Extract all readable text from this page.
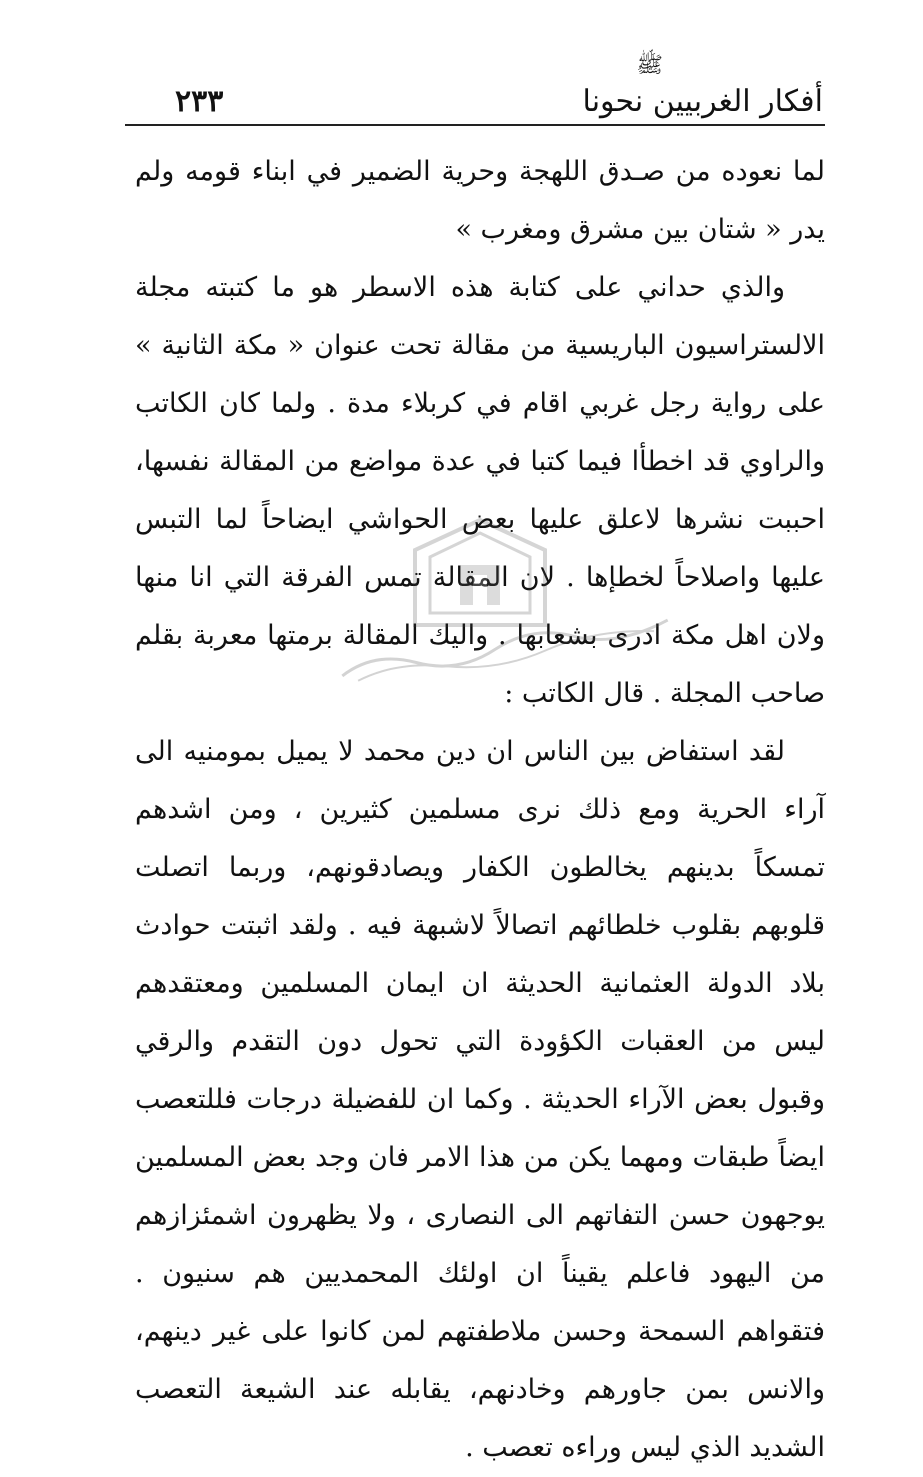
ﷺ
أفكار الغربيين نحونا
٢٣٣

لما نعوده من صـدق اللهجة وحرية الضمير في ابناء قومه ولم يدر « شتان بين مشرق ومغرب »

والذي حداني على كتابة هذه الاسطر هو ما كتبته مجلة الالستراسيون الباريسية من مقالة تحت عنوان « مكة الثانية » على رواية رجل غربي اقام في كربلاء مدة . ولما كان الكاتب والراوي قد اخطأا فيما كتبا في عدة مواضع من المقالة نفسها، احببت نشرها لاعلق عليها بعض الحواشي ايضاحاً لما التبس عليها واصلاحاً لخطإها . لان المقالة تمس الفرقة التي انا منها ولان اهل مكة ادرى بشعابها . واليك المقالة برمتها معربة بقلم صاحب المجلة . قال الكاتب :

لقد استفاض بين الناس ان دين محمد لا يميل بمومنيه الى آراء الحرية ومع ذلك نرى مسلمين كثيرين ، ومن اشدهم تمسكاً بدينهم يخالطون الكفار ويصادقونهم، وربما اتصلت قلوبهم بقلوب خلطائهم اتصالاً لاشبهة فيه . ولقد اثبتت حوادث بلاد الدولة العثمانية الحديثة ان ايمان المسلمين ومعتقدهم ليس من العقبات الكؤودة التي تحول دون التقدم والرقي وقبول بعض الآراء الحديثة . وكما ان للفضيلة درجات فللتعصب ايضاً طبقات ومهما يكن من هذا الامر فان وجد بعض المسلمين يوجهون حسن التفاتهم الى النصارى ، ولا يظهرون اشمئزازهم من اليهود فاعلم يقيناً ان اولئك المحمديين هم سنيون . فتقواهم السمحة وحسن ملاطفتهم لمن كانوا على غير دينهم، والانس بمن جاورهم وخادنهم، يقابله عند الشيعة التعصب الشديد الذي ليس وراءه تعصب .
